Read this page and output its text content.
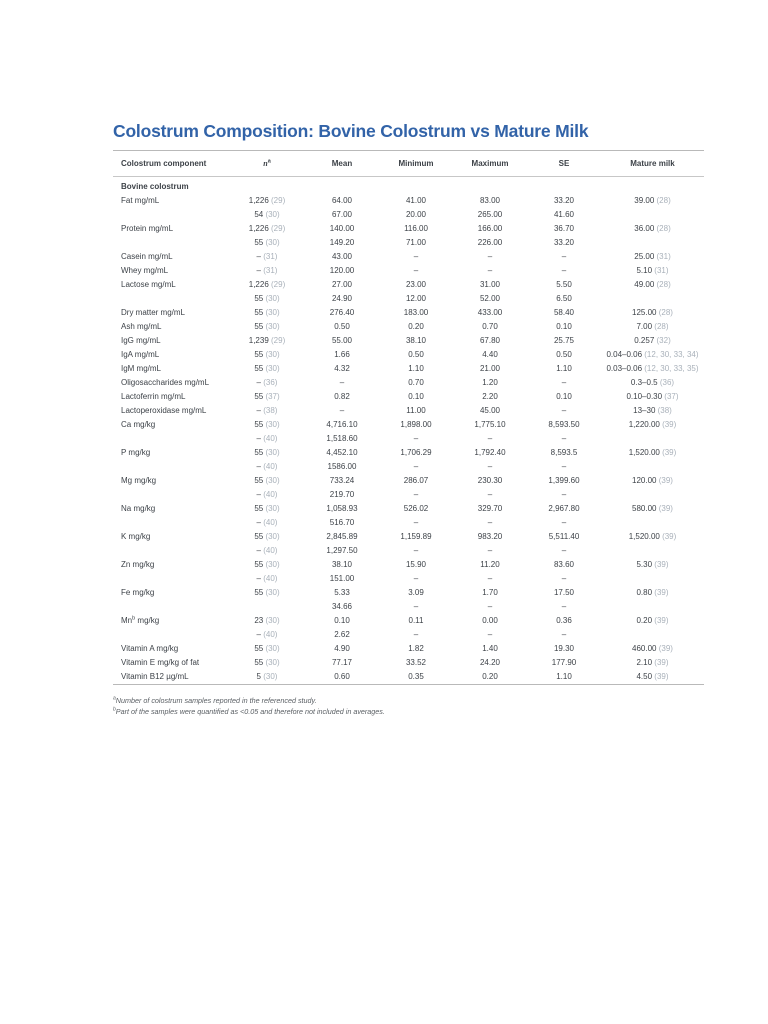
Colostrum Composition: Bovine Colostrum vs Mature Milk
Colostrum component	$n^a$	Mean	Minimum	Maximum	SE	Mature milk
Bovine colostrum						
Fat mg/mL	1,226 (29)	64.00	41.00	83.00	33.20	39.00 (28)
	54 (30)	67.00	20.00	265.00	41.60	
Protein mg/mL	1,226 (29)	140.00	116.00	166.00	36.70	36.00 (28)
	55 (30)	149.20	71.00	226.00	33.20	
Casein mg/mL	– (31)	43.00	–	–	–	25.00 (31)
Whey mg/mL	– (31)	120.00	–	–	–	5.10 (31)
Lactose mg/mL	1,226 (29)	27.00	23.00	31.00	5.50	49.00 (28)
	55 (30)	24.90	12.00	52.00	6.50	
Dry matter mg/mL	55 (30)	276.40	183.00	433.00	58.40	125.00 (28)
Ash mg/mL	55 (30)	0.50	0.20	0.70	0.10	7.00 (28)
IgG mg/mL	1,239 (29)	55.00	38.10	67.80	25.75	0.257 (32)
IgA mg/mL	55 (30)	1.66	0.50	4.40	0.50	0.04–0.06 (12, 30, 33, 34)
IgM mg/mL	55 (30)	4.32	1.10	21.00	1.10	0.03–0.06 (12, 30, 33, 35)
Oligosaccharides mg/mL	– (36)	–	0.70	1.20	–	0.3–0.5 (36)
Lactoferrin mg/mL	55 (37)	0.82	0.10	2.20	0.10	0.10–0.30 (37)
Lactoperoxidase mg/mL	– (38)	–	11.00	45.00	–	13–30 (38)
Ca mg/kg	55 (30)	4,716.10	1,898.00	1,775.10	8,593.50	1,220.00 (39)
	– (40)	1,518.60	–	–	–	
P mg/kg	55 (30)	4,452.10	1,706.29	1,792.40	8,593.5	1,520.00 (39)
	– (40)	1586.00	–	–	–	
Mg mg/kg	55 (30)	733.24	286.07	230.30	1,399.60	120.00 (39)
	– (40)	219.70	–	–	–	
Na mg/kg	55 (30)	1,058.93	526.02	329.70	2,967.80	580.00 (39)
	– (40)	516.70	–	–	–	
K mg/kg	55 (30)	2,845.89	1,159.89	983.20	5,511.40	1,520.00 (39)
	– (40)	1,297.50	–	–	–	
Zn mg/kg	55 (30)	38.10	15.90	11.20	83.60	5.30 (39)
	– (40)	151.00	–	–	–	
Fe mg/kg	55 (30)	5.33	3.09	1.70	17.50	0.80 (39)
		34.66	–	–	–	
Mn$^b$ mg/kg	23 (30)	0.10	0.11	0.00	0.36	0.20 (39)
	– (40)	2.62	–	–	–	
Vitamin A mg/kg	55 (30)	4.90	1.82	1.40	19.30	460.00 (39)
Vitamin E mg/kg of fat	55 (30)	77.17	33.52	24.20	177.90	2.10 (39)
Vitamin B12 µg/mL	5 (30)	0.60	0.35	0.20	1.10	4.50 (39)
$^a$Number of colostrum samples reported in the referenced study.
$^b$Part of the samples were quantified as <0.05 and therefore not included in averages.
